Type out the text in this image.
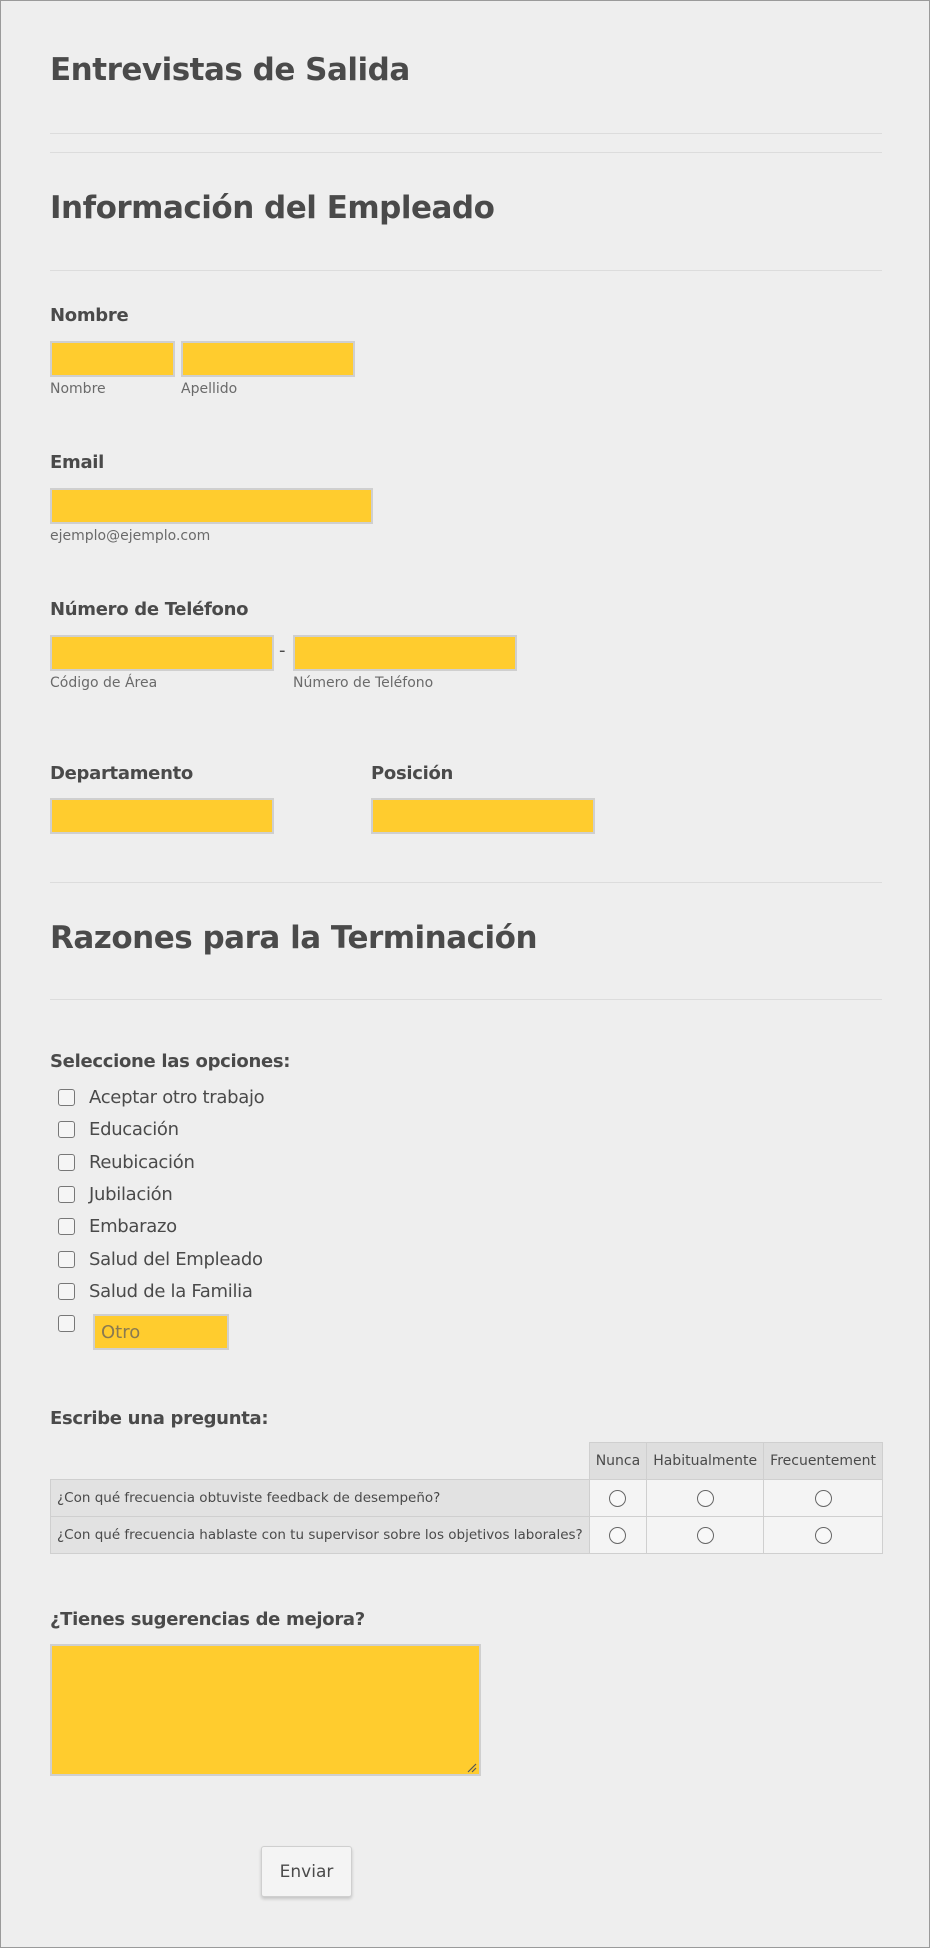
Entrevistas de Salida
Información del Empleado
Nombre
Nombre	Apellido
Email
ejemplo@ejemplo.com
Número de Teléfono
-
Código de Área	Número de Teléfono
Departamento	Posición
Razones para la Terminación
Seleccione las opciones:
Aceptar otro trabajo
Educación
Reubicación
Jubilación
Embarazo
Salud del Empleado
Salud de la Familia
Otro
Escribe una pregunta:
	Nunca	Habitualmente	Frecuentement
¿Con qué frecuencia obtuviste feedback de desempeño?			
¿Con qué frecuencia hablaste con tu supervisor sobre los objetivos laborales?			
¿Tienes sugerencias de mejora?
Enviar
